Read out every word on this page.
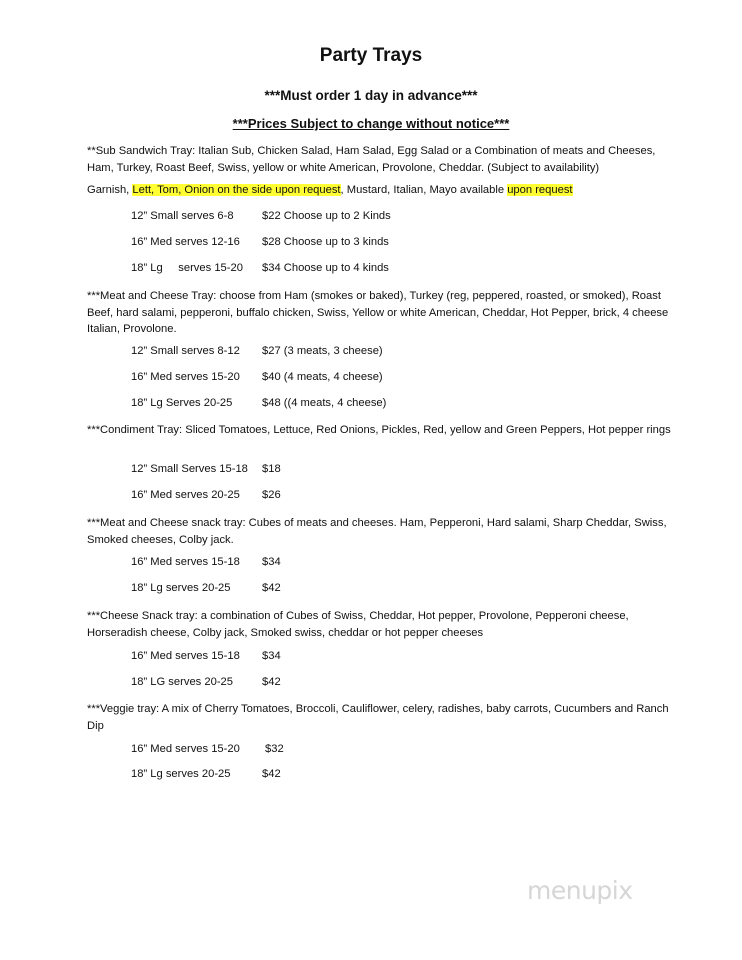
Party Trays
***Must order 1 day in advance***
***Prices Subject to change without notice***
**Sub Sandwich Tray: Italian Sub, Chicken Salad, Ham Salad, Egg Salad or a Combination of meats and Cheeses, Ham, Turkey, Roast Beef, Swiss, yellow or white American, Provolone, Cheddar. (Subject to availability)
Garnish, Lett, Tom, Onion on the side upon request, Mustard, Italian, Mayo available upon request
12” Small serves 6-8	$22 Choose up to 2 Kinds
16” Med serves 12-16 $28 Choose up to 3 kinds
18” Lg     serves 15-20 $34 Choose up to 4 kinds
***Meat and Cheese Tray: choose from Ham (smokes or baked), Turkey (reg, peppered, roasted, or smoked), Roast Beef, hard salami, pepperoni, buffalo chicken, Swiss, Yellow or white American, Cheddar, Hot Pepper, brick, 4 cheese Italian, Provolone.
12” Small serves 8-12 $27 (3 meats, 3 cheese)
16” Med serves 15-20 $40 (4 meats, 4 cheese)
18” Lg Serves 20-25	$48 ((4 meats, 4 cheese)
***Condiment Tray: Sliced Tomatoes, Lettuce, Red Onions, Pickles, Red, yellow and Green Peppers, Hot pepper rings
12” Small Serves 15-18 $18
16” Med serves 20-25 $26
***Meat and Cheese snack tray: Cubes of meats and cheeses. Ham, Pepperoni, Hard salami, Sharp Cheddar, Swiss, Smoked cheeses, Colby jack.
16” Med serves 15-18 $34
18” Lg serves 20-25	$42
***Cheese Snack tray: a combination of Cubes of Swiss, Cheddar, Hot pepper, Provolone, Pepperoni cheese, Horseradish cheese, Colby jack, Smoked swiss, cheddar or hot pepper cheeses
16” Med serves 15-18 $34
18” LG serves 20-25	$42
***Veggie tray: A mix of Cherry Tomatoes, Broccoli, Cauliflower, celery, radishes, baby carrots, Cucumbers and Ranch Dip
16” Med serves 15-20 $32
18” Lg serves 20-25	$42
menupix
